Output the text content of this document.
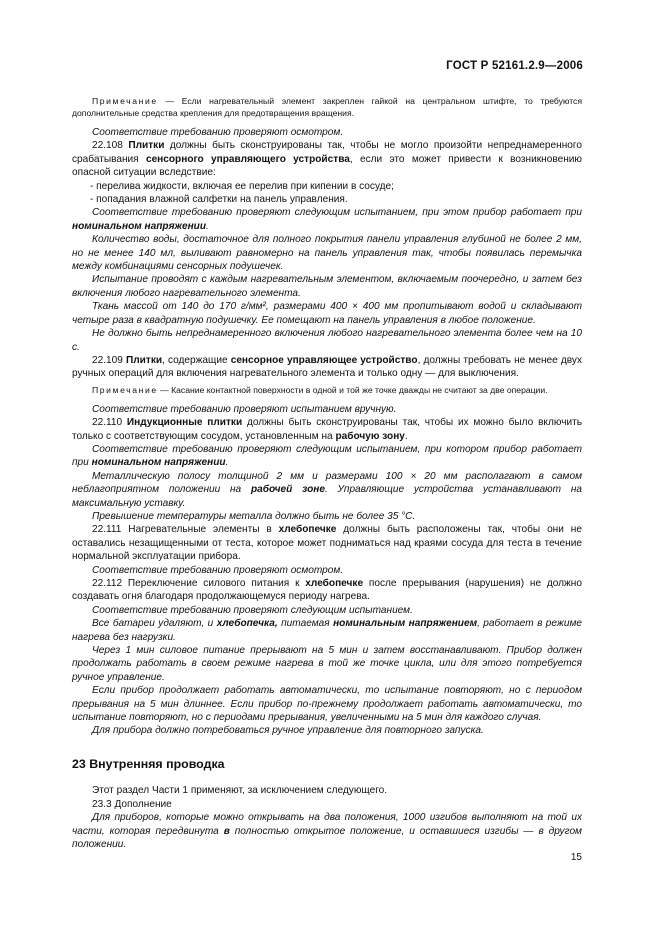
ГОСТ Р 52161.2.9—2006
Примечание — Если нагревательный элемент закреплен гайкой на центральном штифте, то требуются дополнительные средства крепления для предотвращения вращения.
Соответствие требованию проверяют осмотром.
22.108 Плитки должны быть сконструированы так, чтобы не могло произойти непреднамеренного срабатывания сенсорного управляющего устройства, если это может привести к возникновению опасной ситуации вследствие:
- перелива жидкости, включая ее перелив при кипении в сосуде;
- попадания влажной салфетки на панель управления.
Соответствие требованию проверяют следующим испытанием, при этом прибор работает при номинальном напряжении.
Количество воды, достаточное для полного покрытия панели управления глубиной не более 2 мм, но не менее 140 мл, выливают равномерно на панель управления так, чтобы появилась перемычка между комбинациями сенсорных подушечек.
Испытание проводят с каждым нагревательным элементом, включаемым поочередно, и затем без включения любого нагревательного элемента.
Ткань массой от 140 до 170 г/мм², размерами 400 × 400 мм пропитывают водой и складывают четыре раза в квадратную подушечку. Ее помещают на панель управления в любое положение.
Не должно быть непреднамеренного включения любого нагревательного элемента более чем на 10 с.
22.109 Плитки, содержащие сенсорное управляющее устройство, должны требовать не менее двух ручных операций для включения нагревательного элемента и только одну — для выключения.
Примечание — Касание контактной поверхности в одной и той же точке дважды не считают за две операции.
Соответствие требованию проверяют испытанием вручную.
22.110 Индукционные плитки должны быть сконструированы так, чтобы их можно было включить только с соответствующим сосудом, установленным на рабочую зону.
Соответствие требованию проверяют следующим испытанием, при котором прибор работает при номинальном напряжении.
Металлическую полосу толщиной 2 мм и размерами 100 × 20 мм располагают в самом неблагоприятном положении на рабочей зоне. Управляющие устройства устанавливают на максимальную уставку.
Превышение температуры металла должно быть не более 35 °С.
22.111 Нагревательные элементы в хлебопечке должны быть расположены так, чтобы они не оставались незащищенными от теста, которое может подниматься над краями сосуда для теста в течение нормальной эксплуатации прибора.
Соответствие требованию проверяют осмотром.
22.112 Переключение силового питания к хлебопечке после прерывания (нарушения) не должно создавать огня благодаря продолжающемуся периоду нагрева.
Соответствие требованию проверяют следующим испытанием.
Все батареи удаляют, и хлебопечка, питаемая номинальным напряжением, работает в режиме нагрева без нагрузки.
Через 1 мин силовое питание прерывают на 5 мин и затем восстанавливают. Прибор должен продолжать работать в своем режиме нагрева в той же точке цикла, или для этого потребуется ручное управление.
Если прибор продолжает работать автоматически, то испытание повторяют, но с периодом прерывания на 5 мин длиннее. Если прибор по-прежнему продолжает работать автоматически, то испытание повторяют, но с периодами прерывания, увеличенными на 5 мин для каждого случая.
Для прибора должно потребоваться ручное управление для повторного запуска.
23 Внутренняя проводка
Этот раздел Части 1 применяют, за исключением следующего.
23.3 Дополнение
Для приборов, которые можно открывать на два положения, 1000 изгибов выполняют на той их части, которая передвинута в полностью открытое положение, и оставшиеся изгибы — в другом положении.
15
